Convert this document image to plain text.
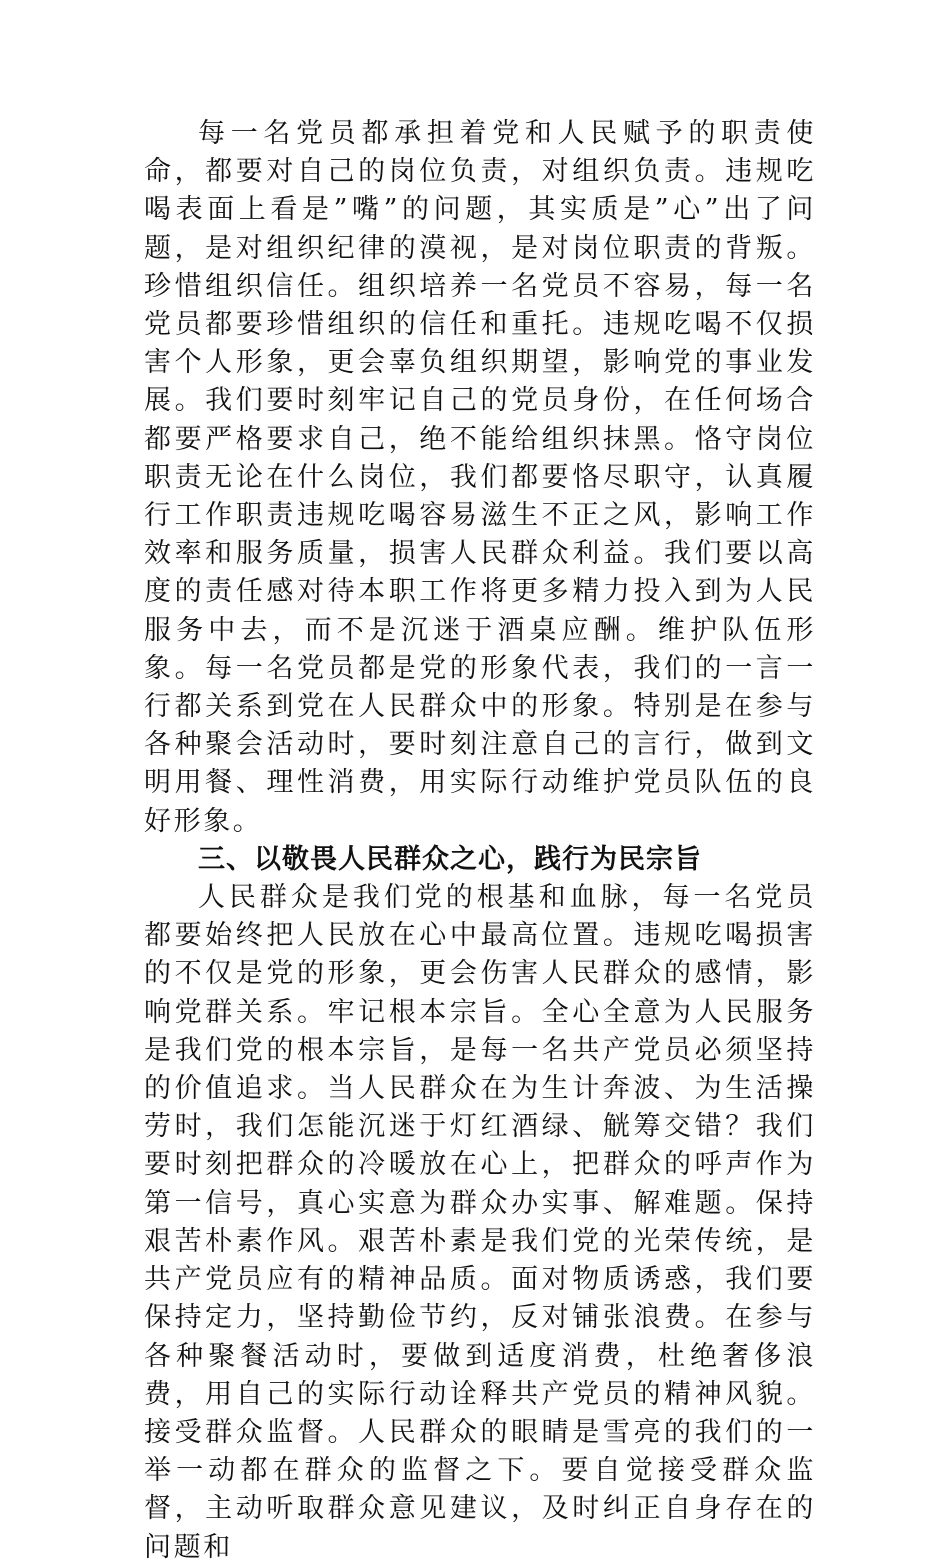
每一名党员都承担着党和人民赋予的职责使命，都要对自己的岗位负责，对组织负责。违规吃喝表面上看是”嘴”的问题，其实质是”心”出了问题，是对组织纪律的漠视，是对岗位职责的背叛。珍惜组织信任。组织培养一名党员不容易，每一名党员都要珍惜组织的信任和重托。违规吃喝不仅损害个人形象，更会辜负组织期望，影响党的事业发展。我们要时刻牢记自己的党员身份，在任何场合都要严格要求自己，绝不能给组织抹黑。恪守岗位职责无论在什么岗位，我们都要恪尽职守，认真履行工作职责违规吃喝容易滋生不正之风，影响工作效率和服务质量，损害人民群众利益。我们要以高度的责任感对待本职工作将更多精力投入到为人民服务中去，而不是沉迷于酒桌应酬。维护队伍形象。每一名党员都是党的形象代表，我们的一言一行都关系到党在人民群众中的形象。特别是在参与各种聚会活动时，要时刻注意自己的言行，做到文明用餐、理性消费，用实际行动维护党员队伍的良好形象。

三、以敬畏人民群众之心，践行为民宗旨

人民群众是我们党的根基和血脉，每一名党员都要始终把人民放在心中最高位置。违规吃喝损害的不仅是党的形象，更会伤害人民群众的感情，影响党群关系。牢记根本宗旨。全心全意为人民服务是我们党的根本宗旨，是每一名共产党员必须坚持的价值追求。当人民群众在为生计奔波、为生活操劳时，我们怎能沉迷于灯红酒绿、觥筹交错？我们要时刻把群众的冷暖放在心上，把群众的呼声作为第一信号，真心实意为群众办实事、解难题。保持艰苦朴素作风。艰苦朴素是我们党的光荣传统，是共产党员应有的精神品质。面对物质诱惑，我们要保持定力，坚持勤俭节约，反对铺张浪费。在参与各种聚餐活动时，要做到适度消费，杜绝奢侈浪费，用自己的实际行动诠释共产党员的精神风貌。接受群众监督。人民群众的眼睛是雪亮的我们的一举一动都在群众的监督之下。要自觉接受群众监督，主动听取群众意见建议，及时纠正自身存在的问题和
